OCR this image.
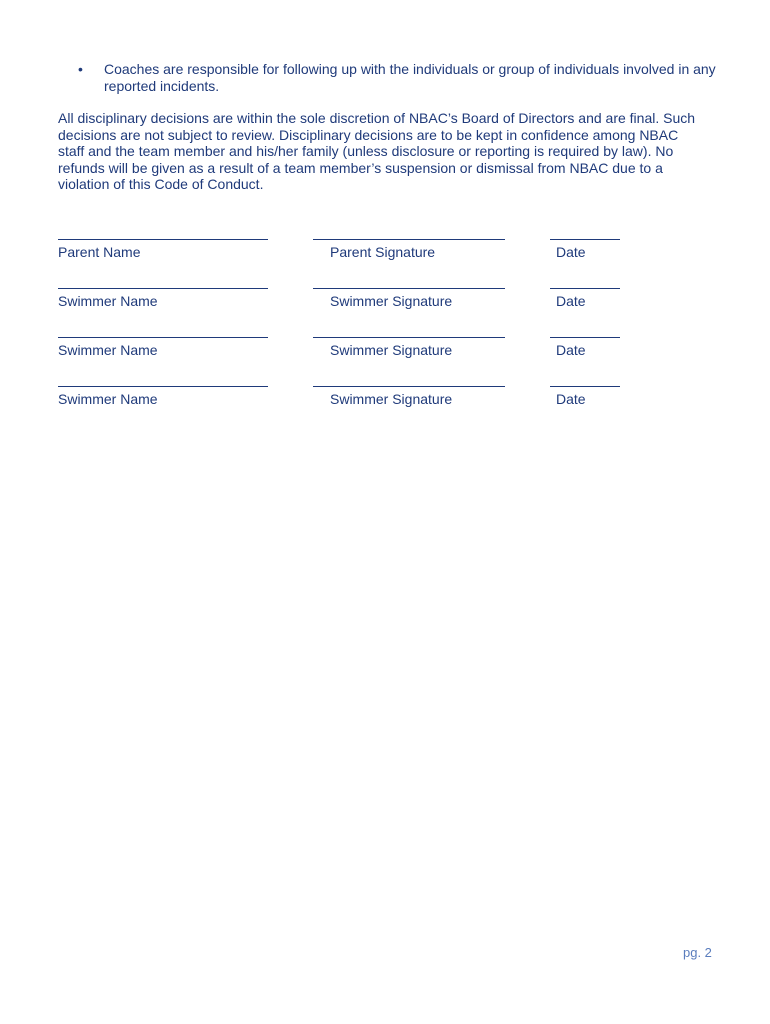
•	Coaches are responsible for following up with the individuals or group of individuals involved in any reported incidents.
All disciplinary decisions are within the sole discretion of NBAC’s Board of Directors and are final. Such decisions are not subject to review. Disciplinary decisions are to be kept in confidence among NBAC staff and the team member and his/her family (unless disclosure or reporting is required by law). No refunds will be given as a result of a team member’s suspension or dismissal from NBAC due to a violation of this Code of Conduct.
Parent Name	Parent Signature	Date
Swimmer Name	Swimmer Signature	Date
Swimmer Name	Swimmer Signature	Date
Swimmer Name	Swimmer Signature	Date
pg. 2
